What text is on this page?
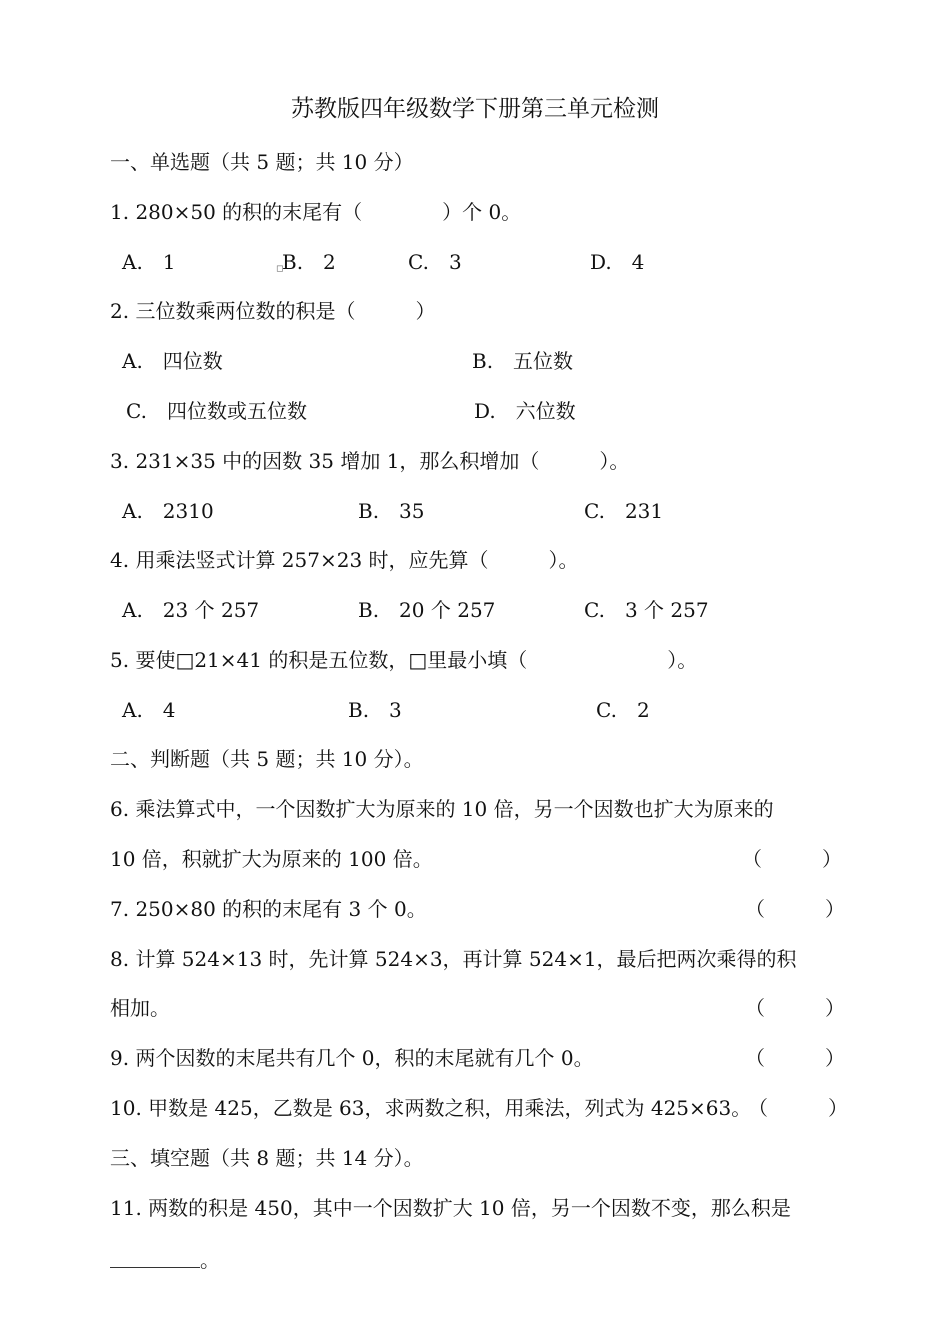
苏教版四年级数学下册第三单元检测
一、单选题（共 5 题；共 10 分）
1. 280×50 的积的末尾有（　　　　）个 0。
A.　1	B.　2	C.　3	D.　4
◻
2. 三位数乘两位数的积是（　　　）
A.　四位数	B.　五位数
C.　四位数或五位数	D.　六位数
3. 231×35 中的因数 35 增加 1，那么积增加（　　　）。
A.　2310	B.　35	C.　231
4. 用乘法竖式计算 257×23 时，应先算（　　　）。
A.　23 个 257	B.　20 个 257	C.　3 个 257
5. 要使□21×41 的积是五位数，□里最小填（　　　　　　　）。
A.　4	B.　3	C.　2
二、判断题（共 5 题；共 10 分）。
6. 乘法算式中，一个因数扩大为原来的 10 倍，另一个因数也扩大为原来的
10 倍，积就扩大为原来的 100 倍。	（　　　）
7. 250×80 的积的末尾有 3 个 0。	（　　　）
8. 计算 524×13 时，先计算 524×3，再计算 524×1，最后把两次乘得的积
相加。	（　　　）
9. 两个因数的末尾共有几个 0，积的末尾就有几个 0。	（　　　）
10. 甲数是 425，乙数是 63，求两数之积，用乘法，列式为 425×63。
（　　　）
三、填空题（共 8 题；共 14 分）。
11. 两数的积是 450，其中一个因数扩大 10 倍，另一个因数不变，那么积是
。
